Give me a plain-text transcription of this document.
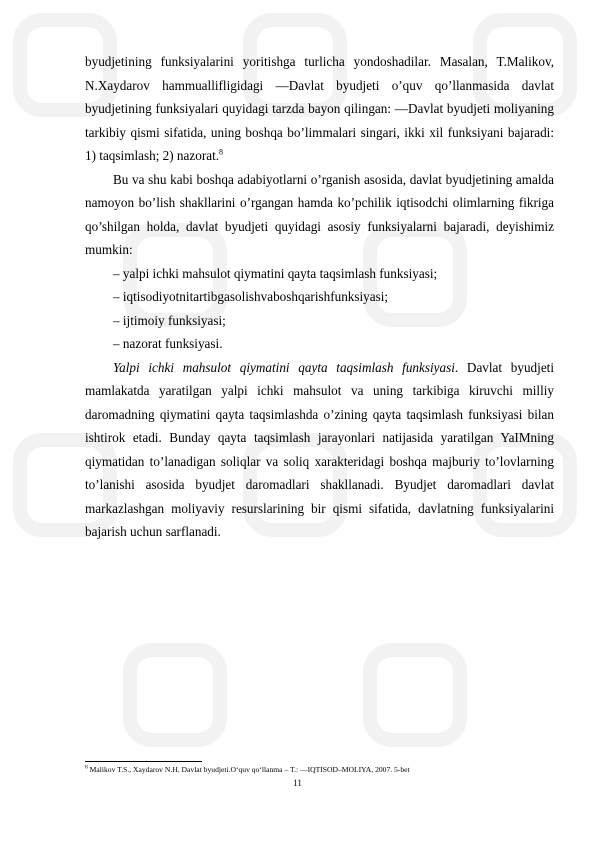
byudjetining funksiyalarini yoritishga turlicha yondoshadilar. Masalan, T.Malikov, N.Xaydarov hammuallifligidagi —Davlat byudjeti o’quv qo’llanmasida davlat byudjetining funksiyalari quyidagi tarzda bayon qilingan: —Davlat byudjeti moliyaning tarkibiy qismi sifatida, uning boshqa bo’limmalari singari, ikki xil funksiyani bajaradi: 1) taqsimlash; 2) nazorat.$^8$

Bu va shu kabi boshqa adabiyotlarni o’rganish asosida, davlat byudjetining amalda namoyon bo’lish shakllarini o’rgangan hamda ko’pchilik iqtisodchi olimlarning fikriga qo’shilgan holda, davlat byudjeti quyidagi asosiy funksiyalarni bajaradi, deyishimiz mumkin:

– yalpi ichki mahsulot qiymatini qayta taqsimlash funksiyasi;

– iqtisodiyotnitartibgasolishvaboshqarishfunksiyasi;

– ijtimoiy funksiyasi;

– nazorat funksiyasi.

Yalpi ichki mahsulot qiymatini qayta taqsimlash funksiyasi. Davlat byudjeti mamlakatda yaratilgan yalpi ichki mahsulot va uning tarkibiga kiruvchi milliy daromadning qiymatini qayta taqsimlashda o’zining qayta taqsimlash funksiyasi bilan ishtirok etadi. Bunday qayta taqsimlash jarayonlari natijasida yaratilgan YaIMning qiymatidan to’lanadigan soliqlar va soliq xarakteridagi boshqa majburiy to’lovlarning to’lanishi asosida byudjet daromadlari shakllanadi. Byudjet daromadlari davlat markazlashgan moliyaviy resurslarining bir qismi sifatida, davlatning funksiyalarini bajarish uchun sarflanadi.

$^8$ Malikov T.S., Xaydarov N.H. Davlat byudjeti.O‘quv qo‘llanma – T.: —IQTISOD–MOLIYA, 2007. 5-bet
11
